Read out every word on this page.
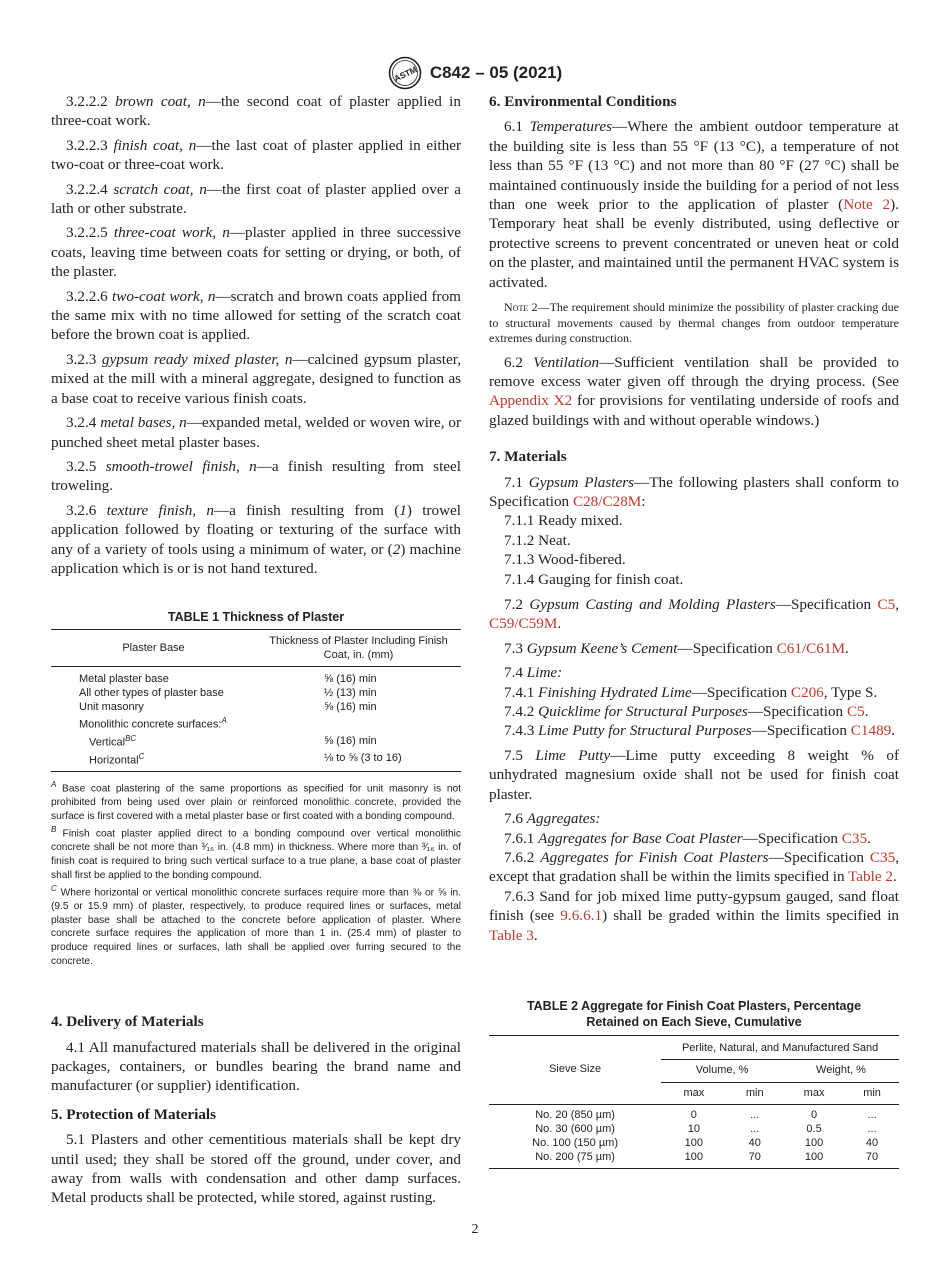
ASTM C842 – 05 (2021)

3.2.2.2 brown coat, n—the second coat of plaster applied in three-coat work.

3.2.2.3 finish coat, n—the last coat of plaster applied in either two-coat or three-coat work.

3.2.2.4 scratch coat, n—the first coat of plaster applied over a lath or other substrate.

3.2.2.5 three-coat work, n—plaster applied in three successive coats, leaving time between coats for setting or drying, or both, of the plaster.

3.2.2.6 two-coat work, n—scratch and brown coats applied from the same mix with no time allowed for setting of the scratch coat before the brown coat is applied.

3.2.3 gypsum ready mixed plaster, n—calcined gypsum plaster, mixed at the mill with a mineral aggregate, designed to function as a base coat to receive various finish coats.

3.2.4 metal bases, n—expanded metal, welded or woven wire, or punched sheet metal plaster bases.

3.2.5 smooth-trowel finish, n—a finish resulting from steel troweling.

3.2.6 texture finish, n—a finish resulting from (1) trowel application followed by floating or texturing of the surface with any of a variety of tools using a minimum of water, or (2) machine application which is or is not hand textured.

TABLE 1 Thickness of Plaster
Plaster Base	Thickness of Plaster Including Finish Coat, in. (mm)
Metal plaster base	⅝ (16) min
All other types of plaster base	½ (13) min
Unit masonry	⅝ (16) min
Monolithic concrete surfaces:$^A$	
Vertical$^{BC}$	⅝ (16) min
Horizontal$^C$	⅛ to ⅝ (3 to 16)
$^A$ Base coat plastering of the same proportions as specified for unit masonry is not prohibited from being used over plain or reinforced monolithic concrete, provided the surface is first covered with a metal plaster base or first coated with a bonding compound.
$^B$ Finish coat plaster applied direct to a bonding compound over vertical monolithic concrete shall be not more than ³⁄₁₆ in. (4.8 mm) in thickness. Where more than ³⁄₁₆ in. of finish coat is required to bring such vertical surface to a true plane, a base coat of plaster shall first be applied to the bonding compound.
$^C$ Where horizontal or vertical monolithic concrete surfaces require more than ⅜ or ⅝ in. (9.5 or 15.9 mm) of plaster, respectively, to produce required lines or surfaces, metal plaster base shall be attached to the concrete before application of plaster. Where concrete surface requires the application of more than 1 in. (25.4 mm) of plaster to produce required lines or surfaces, lath shall be applied over furring secured to the concrete.
4. Delivery of Materials

4.1 All manufactured materials shall be delivered in the original packages, containers, or bundles bearing the brand name and manufacturer (or supplier) identification.

5. Protection of Materials

5.1 Plasters and other cementitious materials shall be kept dry until used; they shall be stored off the ground, under cover, and away from walls with condensation and other damp surfaces. Metal products shall be protected, while stored, against rusting.

6. Environmental Conditions

6.1 Temperatures—Where the ambient outdoor temperature at the building site is less than 55 °F (13 °C), a temperature of not less than 55 °F (13 °C) and not more than 80 °F (27 °C) shall be maintained continuously inside the building for a period of not less than one week prior to the application of plaster (Note 2). Temporary heat shall be evenly distributed, using deflective or protective screens to prevent concentrated or uneven heat or cold on the plaster, and maintained until the permanent HVAC system is activated.

Note 2—The requirement should minimize the possibility of plaster cracking due to structural movements caused by thermal changes from outdoor temperature extremes during construction.

6.2 Ventilation—Sufficient ventilation shall be provided to remove excess water given off through the drying process. (See Appendix X2 for provisions for ventilating underside of roofs and glazed buildings with and without operable windows.)

7. Materials

7.1 Gypsum Plasters—The following plasters shall conform to Specification C28/C28M:

7.1.1 Ready mixed.
7.1.2 Neat.
7.1.3 Wood-fibered.
7.1.4 Gauging for finish coat.

7.2 Gypsum Casting and Molding Plasters—Specification C5, C59/C59M.

7.3 Gypsum Keene’s Cement—Specification C61/C61M.

7.4 Lime:

7.4.1 Finishing Hydrated Lime—Specification C206, Type S.

7.4.2 Quicklime for Structural Purposes—Specification C5.

7.4.3 Lime Putty for Structural Purposes—Specification C1489.

7.5 Lime Putty—Lime putty exceeding 8 weight % of unhydrated magnesium oxide shall not be used for finish coat plaster.

7.6 Aggregates:

7.6.1 Aggregates for Base Coat Plaster—Specification C35.

7.6.2 Aggregates for Finish Coat Plasters—Specification C35, except that gradation shall be within the limits specified in Table 2.

7.6.3 Sand for job mixed lime putty-gypsum gauged, sand float finish (see 9.6.6.1) shall be graded within the limits specified in Table 3.

TABLE 2 Aggregate for Finish Coat Plasters, Percentage Retained on Each Sieve, Cumulative
Sieve Size	Perlite, Natural, and Manufactured Sand			
	Volume, %		Weight, %	
	max	min	max	min
No. 20 (850 µm)	0	...	0	...
No. 30 (600 µm)	10	...	0.5	...
No. 100 (150 µm)	100	40	100	40
No. 200 (75 µm)	100	70	100	70
2
